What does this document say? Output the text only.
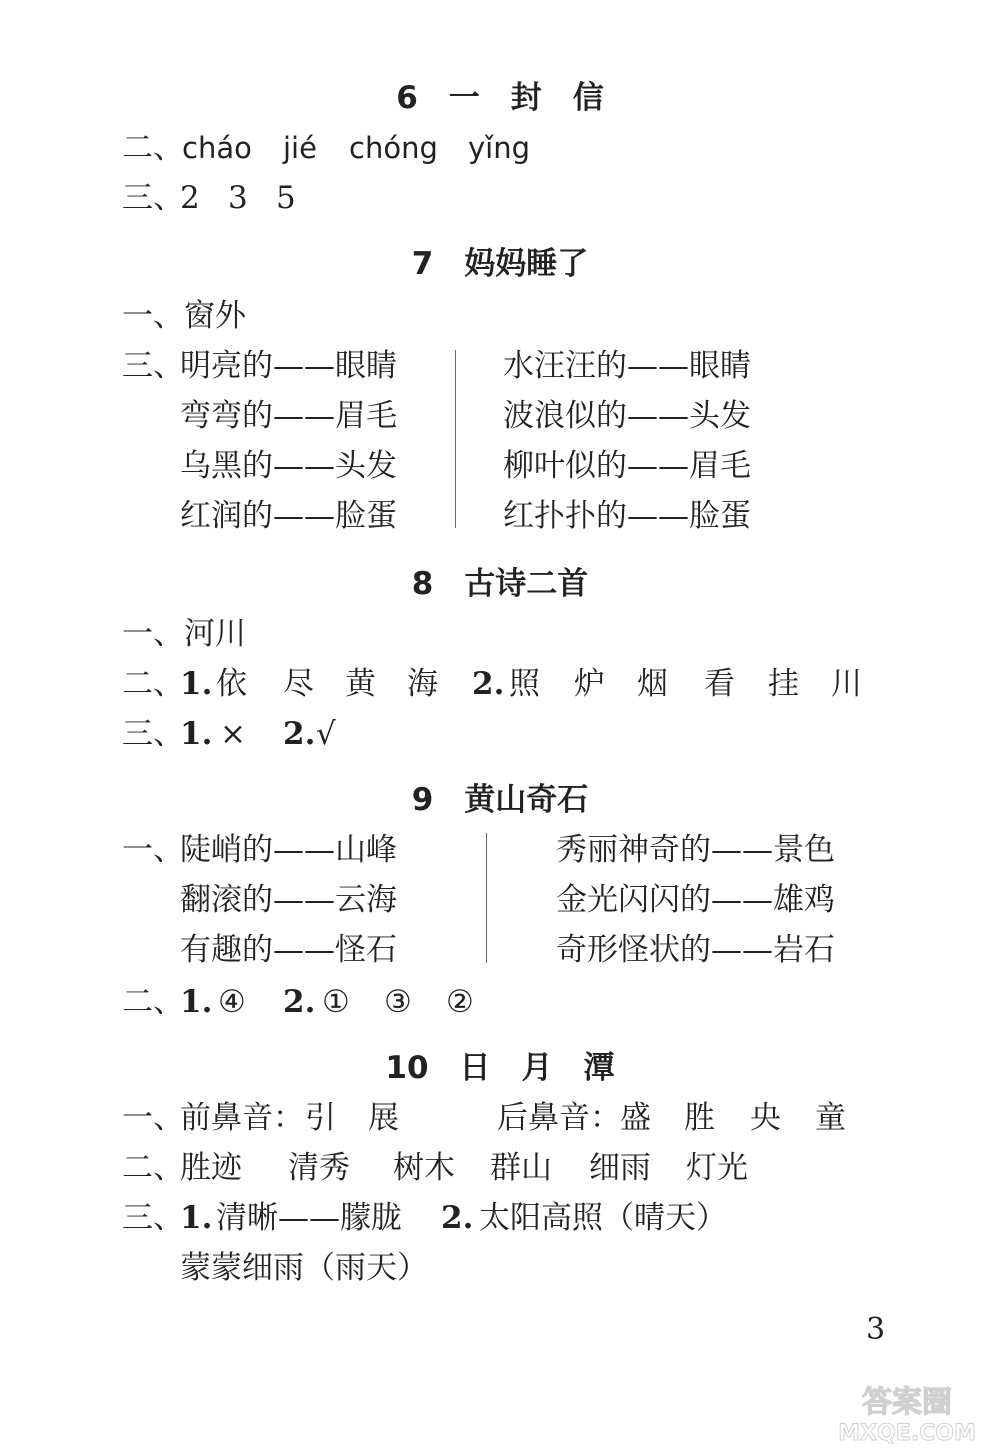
6　一　封　信
二、
cháo jié chóng yǐng
三、
2 3 5
7　妈妈睡了
一、窗外
三、
明亮的——眼睛
弯弯的——眉毛
乌黑的——头发
红润的——脸蛋
水汪汪的——眼睛
波浪似的——头发
柳叶似的——眉毛
红扑扑的——脸蛋
8　古诗二首
一、河川
二、
1. 依 尽 黄 海 2. 照 炉 烟 看 挂 川
三、
1. × 2. √
9　黄山奇石
一、
陡峭的——山峰
翻滚的——云海
有趣的——怪石
秀丽神奇的——景色
金光闪闪的——雄鸡
奇形怪状的——岩石
二、
1. ④ 2. ① ③ ②
10　日　月　潭
一、
前鼻音： 引 展	后鼻音： 盛 胜 央 童
二、
胜迹 清秀 树木 群山 细雨 灯光
三、
1. 清晰——朦胧 2. 太阳高照（晴天）
蒙蒙细雨（雨天）
3
答案圈
MXQE.COM
